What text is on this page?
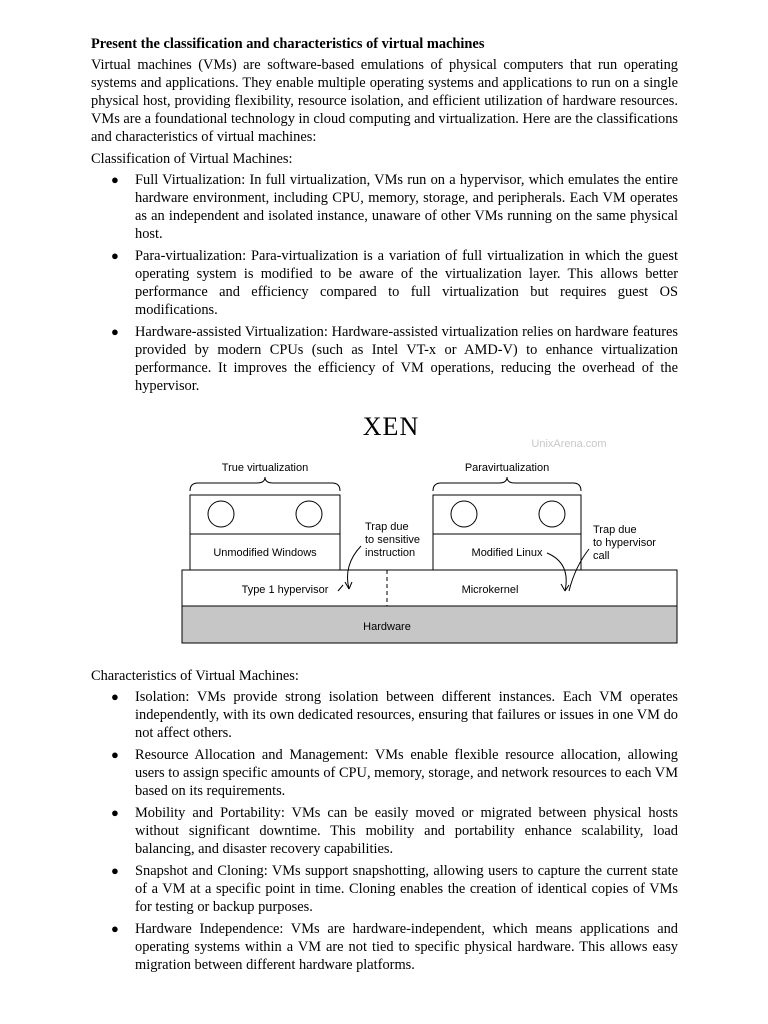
Present the classification and characteristics of virtual machines

Virtual machines (VMs) are software-based emulations of physical computers that run operating systems and applications. They enable multiple operating systems and applications to run on a single physical host, providing flexibility, resource isolation, and efficient utilization of hardware resources. VMs are a foundational technology in cloud computing and virtualization. Here are the classifications and characteristics of virtual machines:

Classification of Virtual Machines:
● Full Virtualization: In full virtualization, VMs run on a hypervisor, which emulates the entire hardware environment, including CPU, memory, storage, and peripherals. Each VM operates as an independent and isolated instance, unaware of other VMs running on the same physical host.
● Para-virtualization: Para-virtualization is a variation of full virtualization in which the guest operating system is modified to be aware of the virtualization layer. This allows better performance and efficiency compared to full virtualization but requires guest OS modifications.
● Hardware-assisted Virtualization: Hardware-assisted virtualization relies on hardware features provided by modern CPUs (such as Intel VT-x or AMD-V) to enhance virtualization performance. It improves the efficiency of VM operations, reducing the overhead of the hypervisor.
XEN
UnixArena.com
True virtualization	Paravirtualization
Unmodified Windows	Modified Linux
Type 1 hypervisor	Microkernel
Hardware
Trap due to sensitive instruction
Trap due to hypervisor call
Characteristics of Virtual Machines:
● Isolation: VMs provide strong isolation between different instances. Each VM operates independently, with its own dedicated resources, ensuring that failures or issues in one VM do not affect others.
● Resource Allocation and Management: VMs enable flexible resource allocation, allowing users to assign specific amounts of CPU, memory, storage, and network resources to each VM based on its requirements.
● Mobility and Portability: VMs can be easily moved or migrated between physical hosts without significant downtime. This mobility and portability enhance scalability, load balancing, and disaster recovery capabilities.
● Snapshot and Cloning: VMs support snapshotting, allowing users to capture the current state of a VM at a specific point in time. Cloning enables the creation of identical copies of VMs for testing or backup purposes.
● Hardware Independence: VMs are hardware-independent, which means applications and operating systems within a VM are not tied to specific physical hardware. This allows easy migration between different hardware platforms.
